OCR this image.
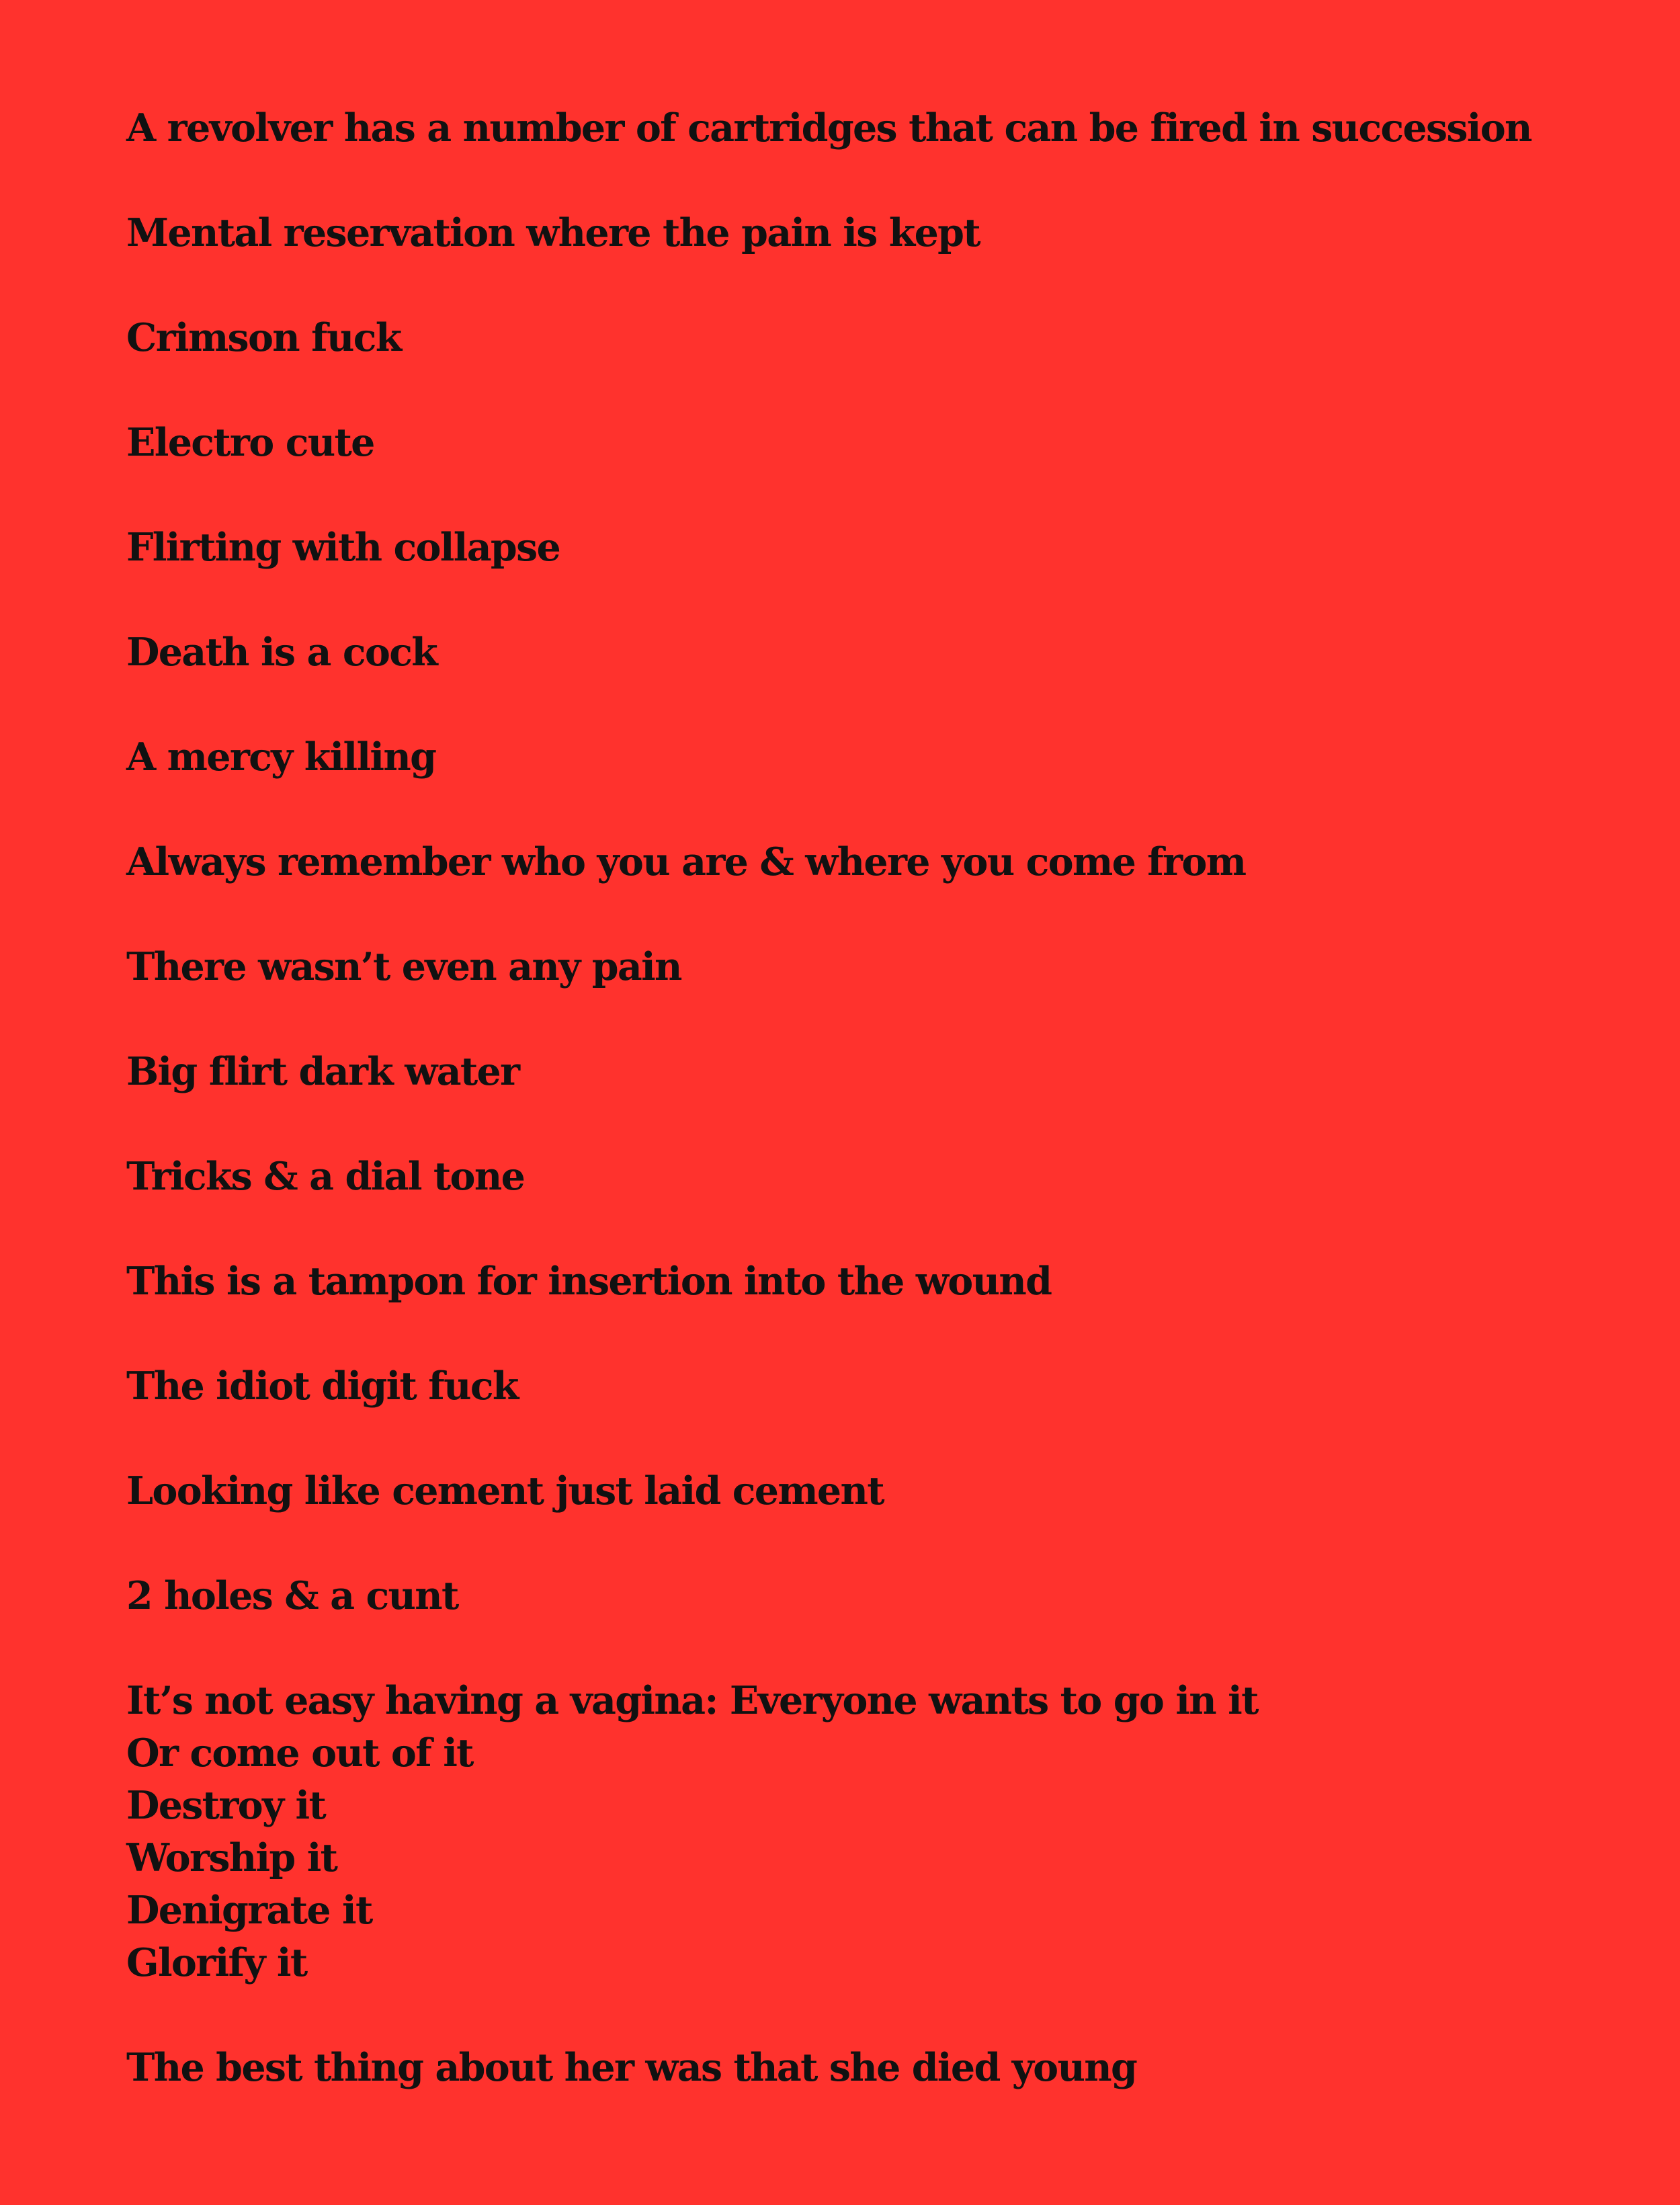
A revolver has a number of cartridges that can be fired in succession
Mental reservation where the pain is kept
Crimson fuck
Electro cute
Flirting with collapse
Death is a cock
A mercy killing
Always remember who you are & where you come from
There wasn’t even any pain
Big flirt dark water
Tricks & a dial tone
This is a tampon for insertion into the wound
The idiot digit fuck
Looking like cement just laid cement
2 holes & a cunt
It’s not easy having a vagina: Everyone wants to go in it
Or come out of it
Destroy it
Worship it
Denigrate it
Glorify it
The best thing about her was that she died young
